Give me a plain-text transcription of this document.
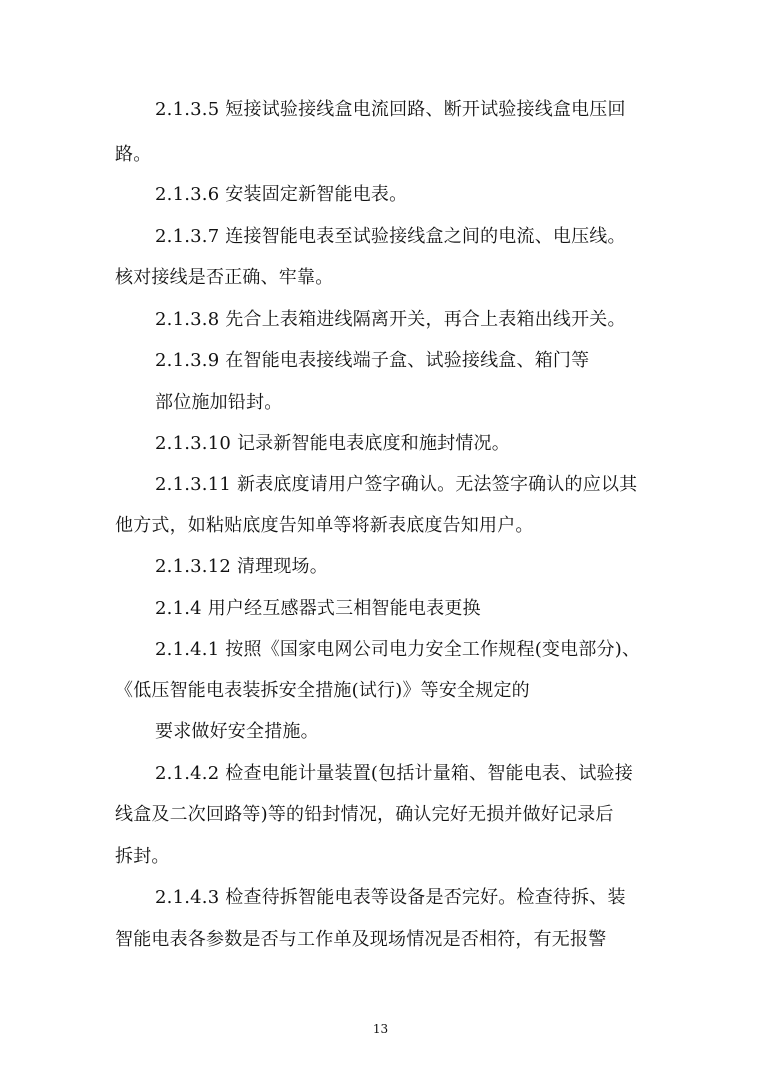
2.1.3.5 短接试验接线盒电流回路、断开试验接线盒电压回
路。
2.1.3.6 安装固定新智能电表。
2.1.3.7 连接智能电表至试验接线盒之间的电流、电压线。
核对接线是否正确、牢靠。
2.1.3.8 先合上表箱进线隔离开关，再合上表箱出线开关。
2.1.3.9 在智能电表接线端子盒、试验接线盒、箱门等
部位施加铅封。
2.1.3.10 记录新智能电表底度和施封情况。
2.1.3.11 新表底度请用户签字确认。无法签字确认的应以其
他方式，如粘贴底度告知单等将新表底度告知用户。
2.1.3.12 清理现场。
2.1.4 用户经互感器式三相智能电表更换
2.1.4.1 按照《国家电网公司电力安全工作规程(变电部分)、
《低压智能电表装拆安全措施(试行)》等安全规定的
要求做好安全措施。
2.1.4.2 检查电能计量装置(包括计量箱、智能电表、试验接
线盒及二次回路等)等的铅封情况，确认完好无损并做好记录后
拆封。
2.1.4.3 检查待拆智能电表等设备是否完好。检查待拆、装
智能电表各参数是否与工作单及现场情况是否相符，有无报警
13
